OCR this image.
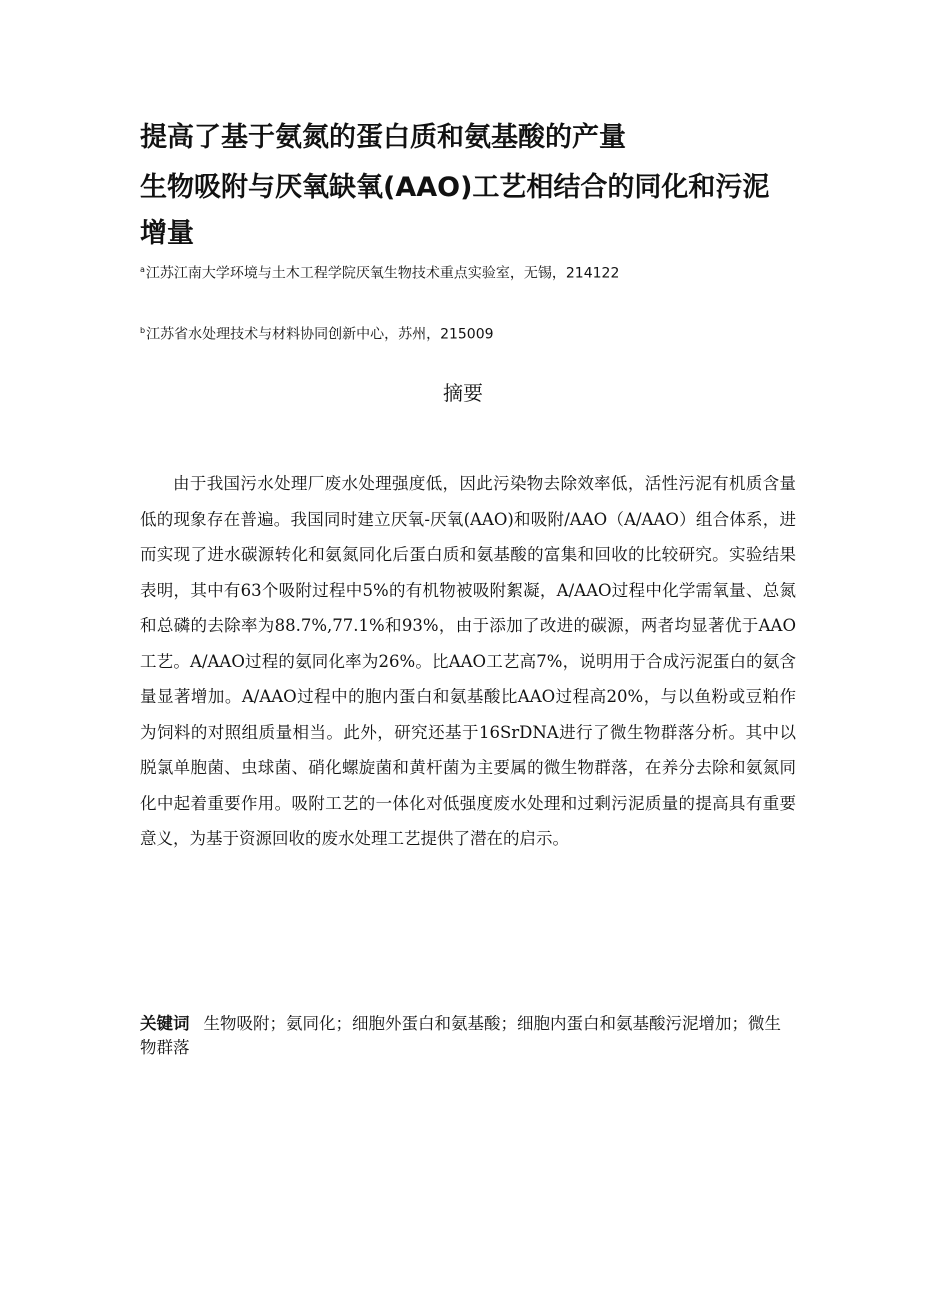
提高了基于氨氮的蛋白质和氨基酸的产量
生物吸附与厌氧缺氧(AAO)工艺相结合的同化和污泥
增量
$^a$江苏江南大学环境与土木工程学院厌氧生物技术重点实验室，无锡，214122
$^b$江苏省水处理技术与材料协同创新中心，苏州，215009
摘要

由于我国污水处理厂废水处理强度低，因此污染物去除效率低，活性污泥有机质含量低的现象存在普遍。我国同时建立厌氧-厌氧(AAO)和吸附/AAO（A/AAO）组合体系，进而实现了进水碳源转化和氨氮同化后蛋白质和氨基酸的富集和回收的比较研究。实验结果表明，其中有63个吸附过程中5%的有机物被吸附絮凝，A/AAO过程中化学需氧量、总氮和总磷的去除率为88.7%,77.1%和93%，由于添加了改进的碳源，两者均显著优于AAO工艺。A/AAO过程的氨同化率为26%。比AAO工艺高7%，说明用于合成污泥蛋白的氨含量显著增加。A/AAO过程中的胞内蛋白和氨基酸比AAO过程高20%，与以鱼粉或豆粕作为饲料的对照组质量相当。此外，研究还基于16SrDNA进行了微生物群落分析。其中以脱氯单胞菌、虫球菌、硝化螺旋菌和黄杆菌为主要属的微生物群落，在养分去除和氨氮同化中起着重要作用。吸附工艺的一体化对低强度废水处理和过剩污泥质量的提高具有重要意义，为基于资源回收的废水处理工艺提供了潜在的启示。

关键词 生物吸附；氨同化；细胞外蛋白和氨基酸；细胞内蛋白和氨基酸污泥增加；微生物群落
